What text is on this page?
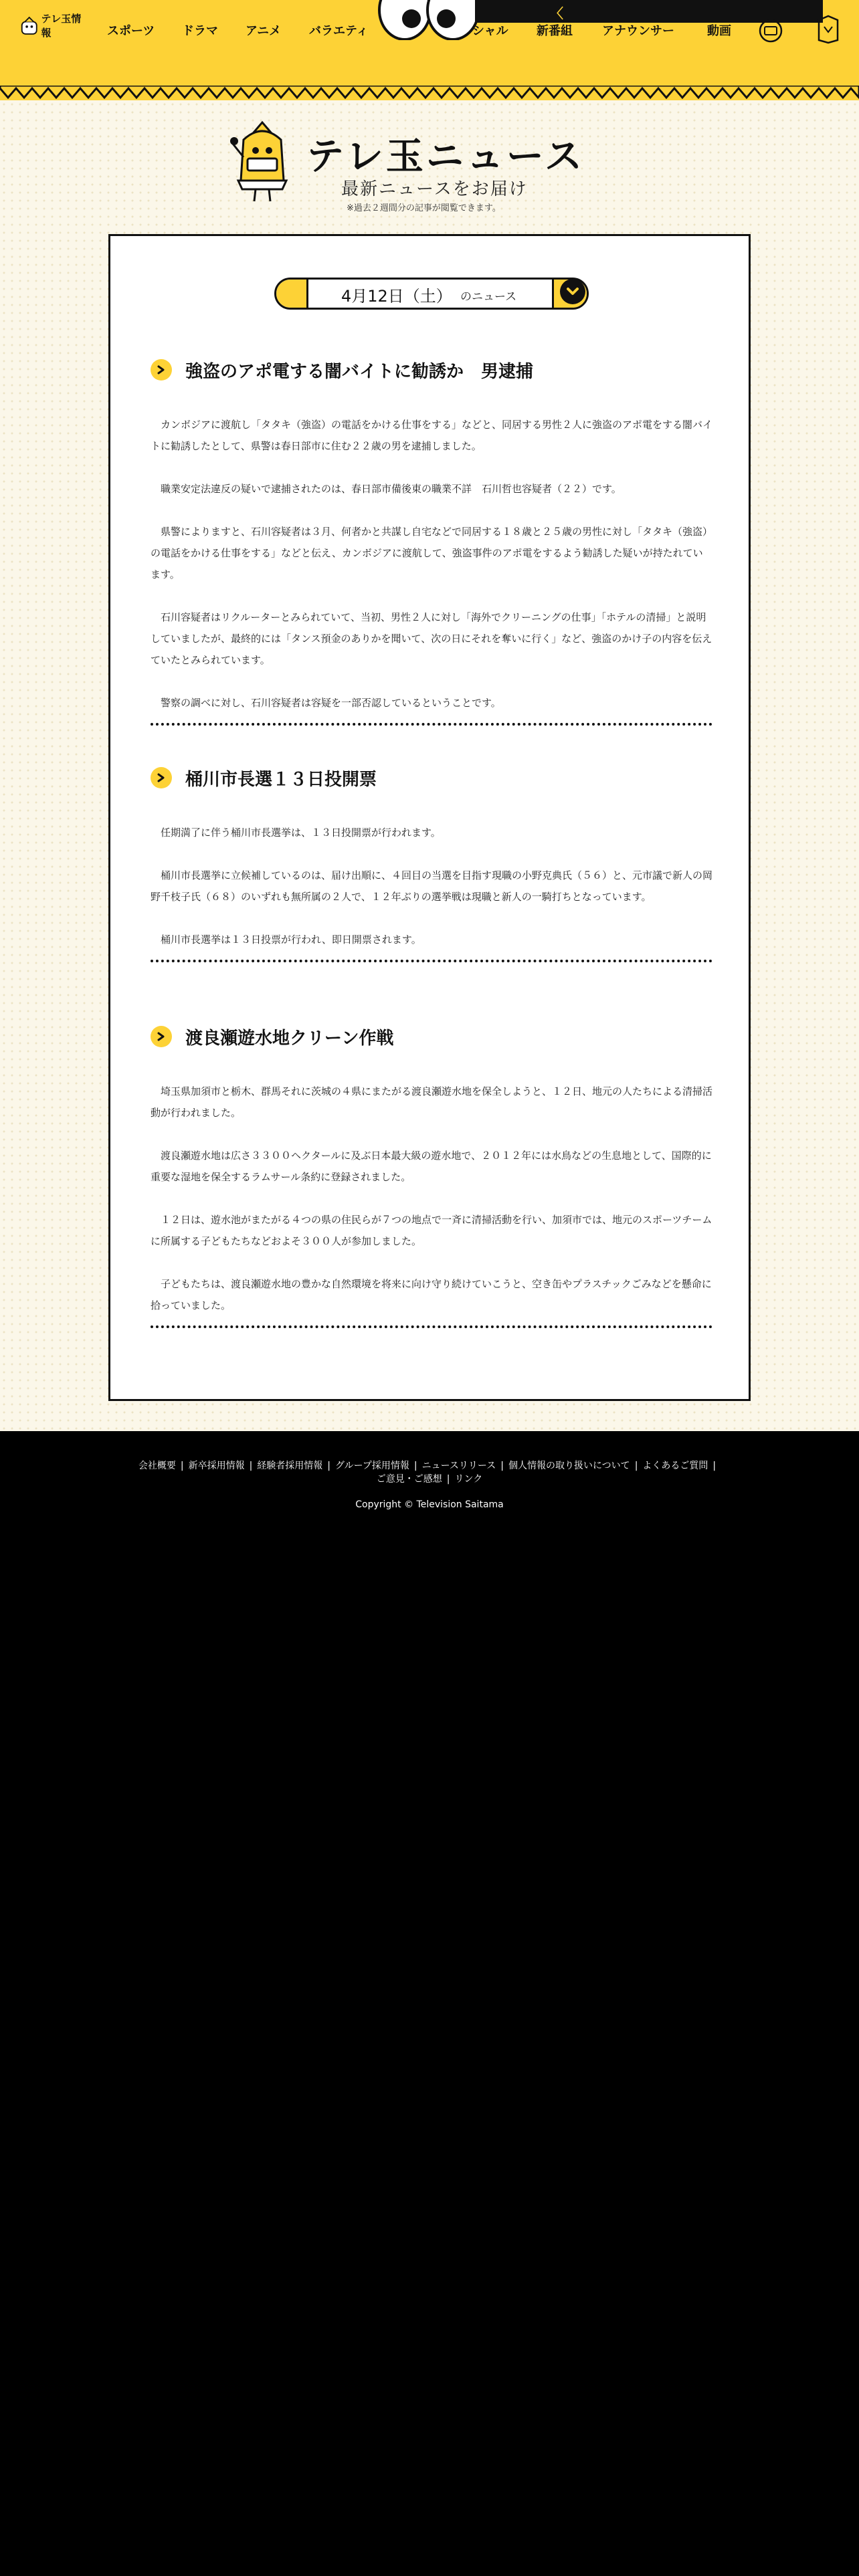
テレ玉情報	スポーツ ドラマ アニメ バラエティ
〈
シャル 新番組 アナウンサー	動画
テレ玉ニュース
最新ニュースをお届け
※過去２週間分の記事が閲覧できます。
4月12日（土） のニュース
強盗のアポ電する闇バイトに勧誘か　男逮捕

カンボジアに渡航し「タタキ（強盗）の電話をかける仕事をする」などと、同居する男性２人に強盗のアポ電をする闇バイトに勧誘したとして、県警は春日部市に住む２２歳の男を逮捕しました。

職業安定法違反の疑いで逮捕されたのは、春日部市備後東の職業不詳　石川哲也容疑者（２２）です。

県警によりますと、石川容疑者は３月、何者かと共謀し自宅などで同居する１８歳と２５歳の男性に対し「タタキ（強盗）の電話をかける仕事をする」などと伝え、カンボジアに渡航して、強盗事件のアポ電をするよう勧誘した疑いが持たれています。

石川容疑者はリクルーターとみられていて、当初、男性２人に対し「海外でクリーニングの仕事」「ホテルの清掃」と説明していましたが、最終的には「タンス預金のありかを聞いて、次の日にそれを奪いに行く」など、強盗のかけ子の内容を伝えていたとみられています。

警察の調べに対し、石川容疑者は容疑を一部否認しているということです。

桶川市長選１３日投開票

任期満了に伴う桶川市長選挙は、１３日投開票が行われます。

桶川市長選挙に立候補しているのは、届け出順に、４回目の当選を目指す現職の小野克典氏（５６）と、元市議で新人の岡野千枝子氏（６８）のいずれも無所属の２人で、１２年ぶりの選挙戦は現職と新人の一騎打ちとなっています。

桶川市長選挙は１３日投票が行われ、即日開票されます。

渡良瀬遊水地クリーン作戦

埼玉県加須市と栃木、群馬それに茨城の４県にまたがる渡良瀬遊水地を保全しようと、１２日、地元の人たちによる清掃活動が行われました。

渡良瀬遊水地は広さ３３００ヘクタールに及ぶ日本最大級の遊水地で、２０１２年には水鳥などの生息地として、国際的に重要な湿地を保全するラムサール条約に登録されました。

１２日は、遊水池がまたがる４つの県の住民らが７つの地点で一斉に清掃活動を行い、加須市では、地元のスポーツチームに所属する子どもたちなどおよそ３００人が参加しました。

子どもたちは、渡良瀬遊水地の豊かな自然環境を将来に向け守り続けていこうと、空き缶やプラスチックごみなどを懸命に拾っていました。

会社概要 | 新卒採用情報 | 経験者採用情報 | グループ採用情報 | ニュースリリース | 個人情報の取り扱いについて | よくあるご質問 |
ご意見・ご感想 | リンク
Copyright © Television Saitama
